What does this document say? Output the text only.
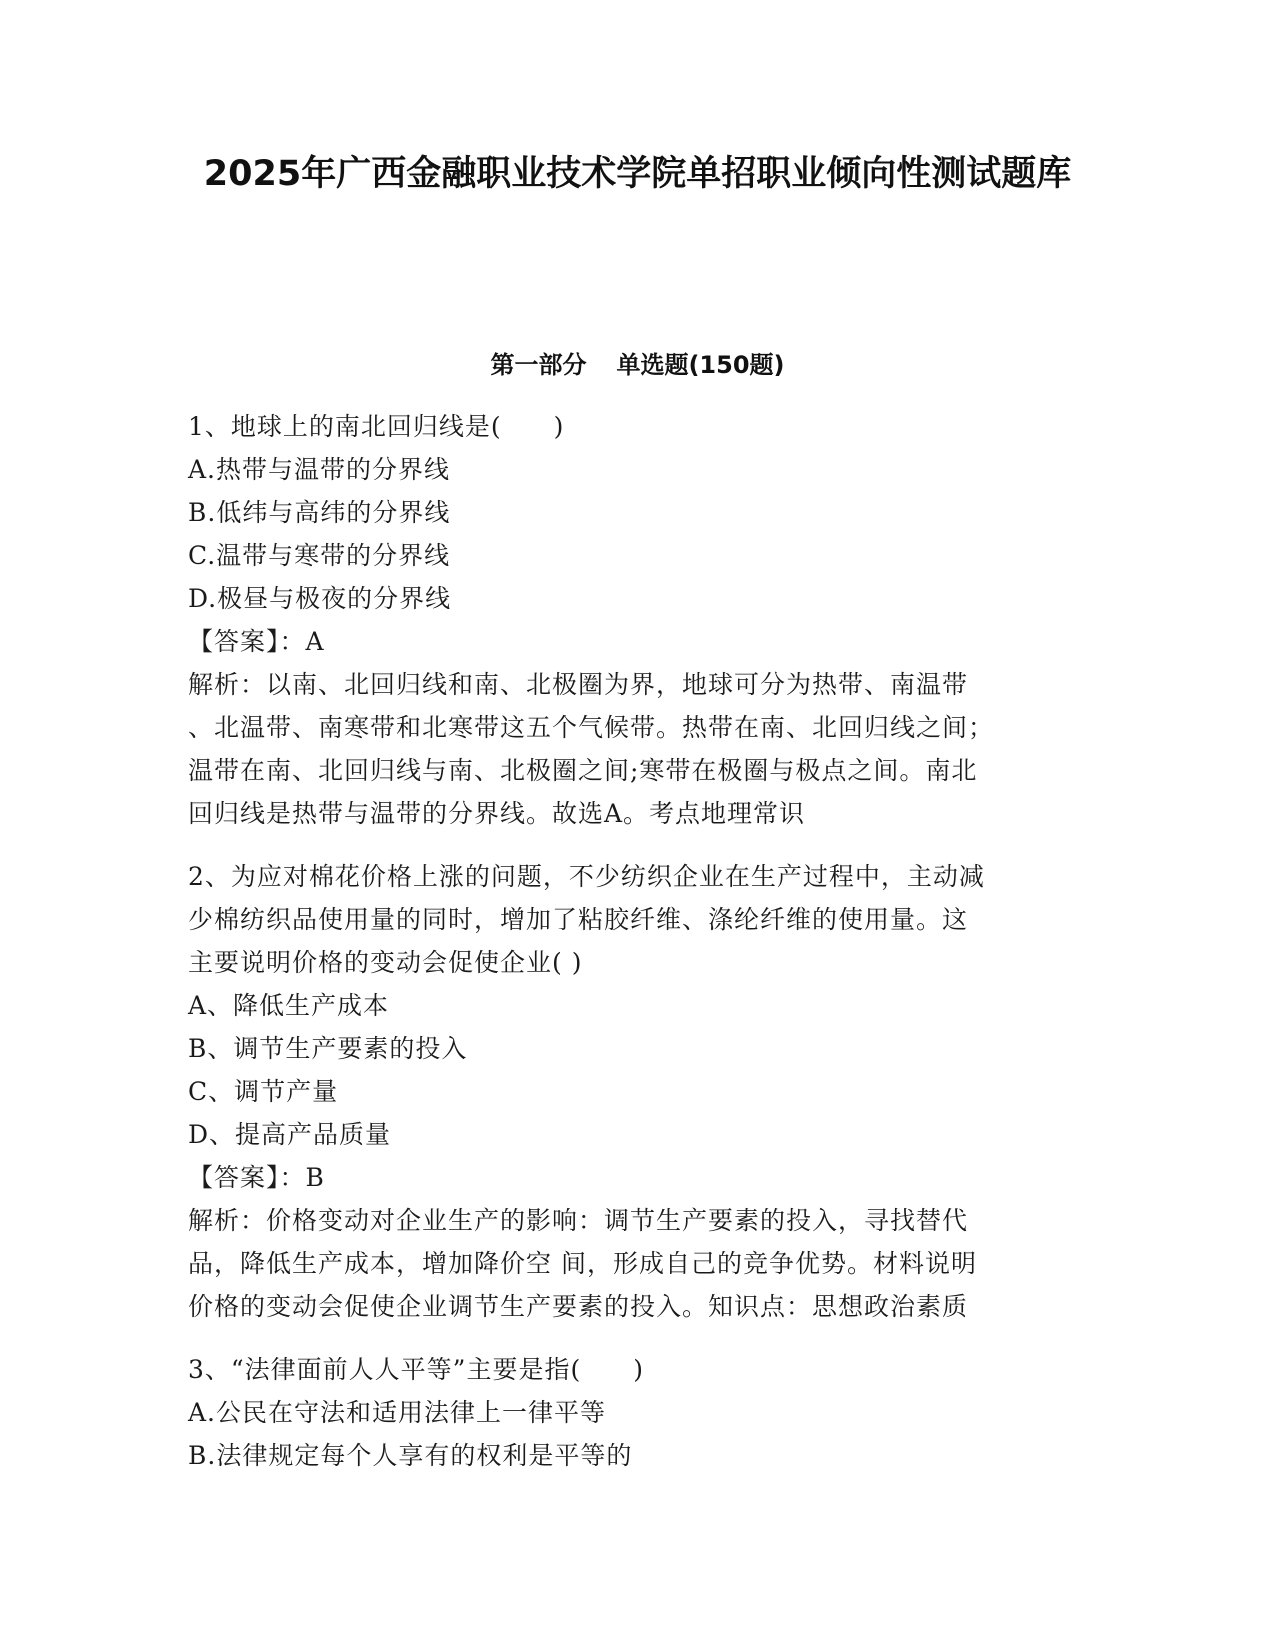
2025年广西金融职业技术学院单招职业倾向性测试题库
第一部分 单选题(150题)
1、地球上的南北回归线是(　　)
A.热带与温带的分界线
B.低纬与高纬的分界线
C.温带与寒带的分界线
D.极昼与极夜的分界线
【答案】：A
解析：以南、北回归线和南、北极圈为界，地球可分为热带、南温带
、北温带、南寒带和北寒带这五个气候带。热带在南、北回归线之间；
温带在南、北回归线与南、北极圈之间;寒带在极圈与极点之间。南北
回归线是热带与温带的分界线。故选A。考点地理常识
2、为应对棉花价格上涨的问题，不少纺织企业在生产过程中，主动减
少棉纺织品使用量的同时，增加了粘胶纤维、涤纶纤维的使用量。这
主要说明价格的变动会促使企业( )
A、降低生产成本
B、调节生产要素的投入
C、调节产量
D、提高产品质量
【答案】：B
解析：价格变动对企业生产的影响：调节生产要素的投入，寻找替代
品，降低生产成本，增加降价空 间，形成自己的竞争优势。材料说明
价格的变动会促使企业调节生产要素的投入。知识点：思想政治素质
3、“法律面前人人平等”主要是指(　　)
A.公民在守法和适用法律上一律平等
B.法律规定每个人享有的权利是平等的
